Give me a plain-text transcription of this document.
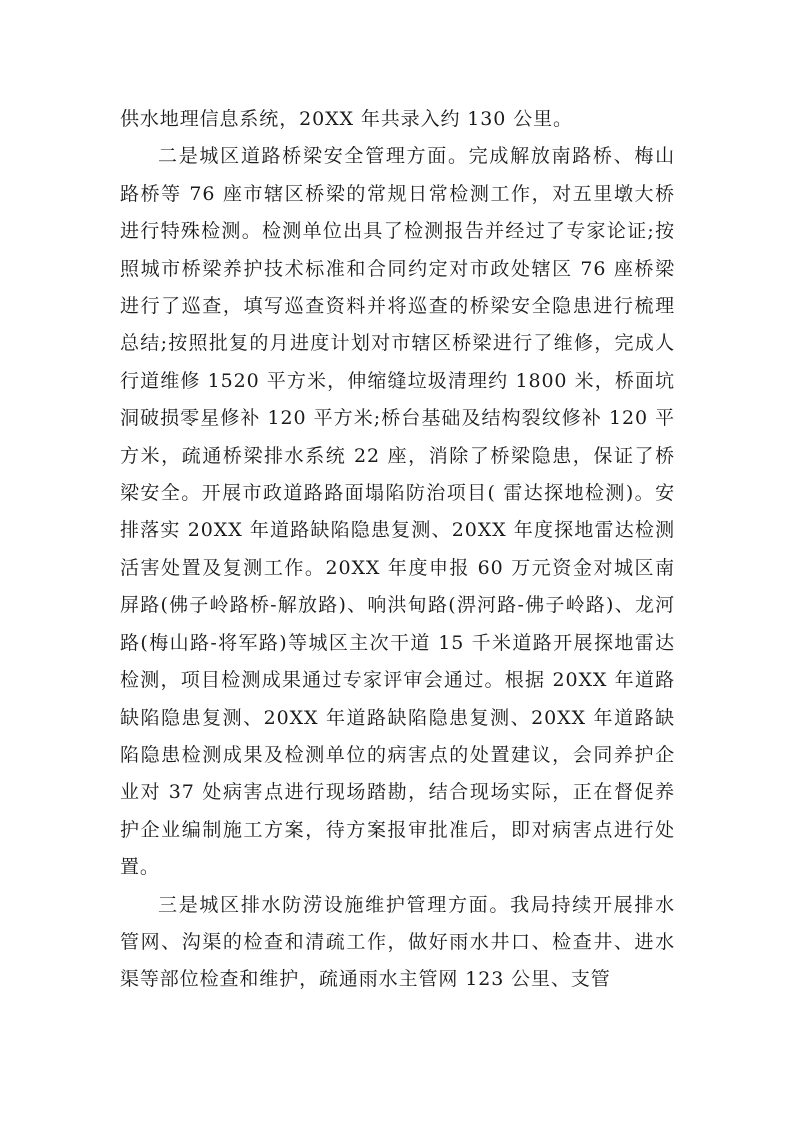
供水地理信息系统，20XX 年共录入约 130 公里。

二是城区道路桥梁安全管理方面。完成解放南路桥、梅山路桥等 76 座市辖区桥梁的常规日常检测工作，对五里墩大桥进行特殊检测。检测单位出具了检测报告并经过了专家论证;按照城市桥梁养护技术标准和合同约定对市政处辖区 76 座桥梁进行了巡查，填写巡查资料并将巡查的桥梁安全隐患进行梳理总结;按照批复的月进度计划对市辖区桥梁进行了维修，完成人行道维修 1520 平方米，伸缩缝垃圾清理约 1800 米，桥面坑洞破损零星修补 120 平方米;桥台基础及结构裂纹修补 120 平方米，疏通桥梁排水系统 22 座，消除了桥梁隐患，保证了桥梁安全。开展市政道路路面塌陷防治项目( 雷达探地检测)。安排落实 20XX 年道路缺陷隐患复测、20XX 年度探地雷达检测活害处置及复测工作。20XX 年度申报 60 万元资金对城区南屏路(佛子岭路桥-解放路)、响洪甸路(淠河路-佛子岭路)、龙河路(梅山路-将军路)等城区主次干道 15 千米道路开展探地雷达检测，项目检测成果通过专家评审会通过。根据 20XX 年道路缺陷隐患复测、20XX 年道路缺陷隐患复测、20XX 年道路缺陷隐患检测成果及检测单位的病害点的处置建议，会同养护企业对 37 处病害点进行现场踏勘，结合现场实际，正在督促养护企业编制施工方案，待方案报审批准后，即对病害点进行处置。

三是城区排水防涝设施维护管理方面。我局持续开展排水管网、沟渠的检查和清疏工作，做好雨水井口、检查井、进水渠等部位检查和维护，疏通雨水主管网 123 公里、支管
